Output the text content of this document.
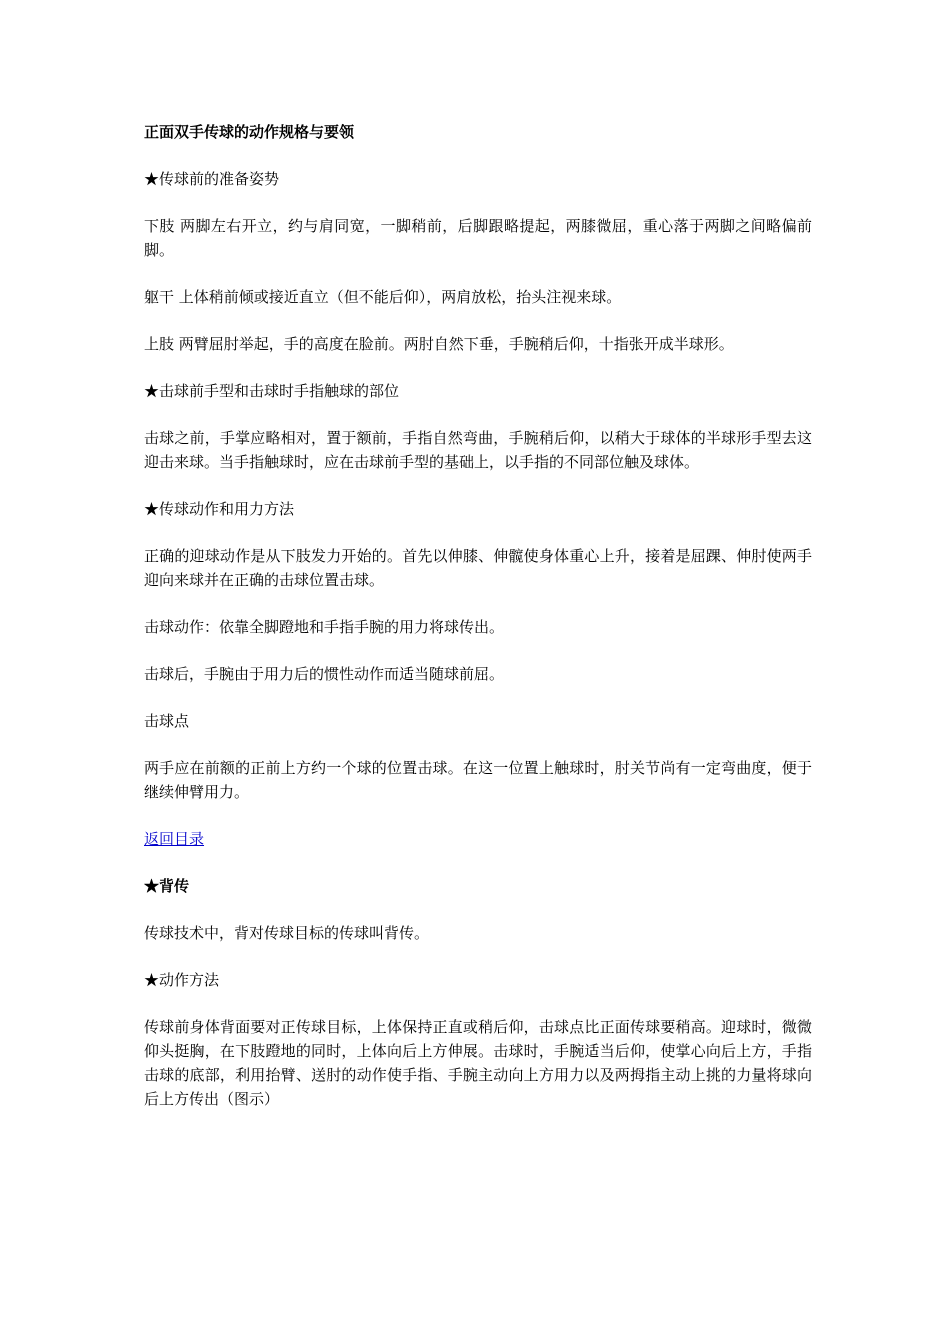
正面双手传球的动作规格与要领

★传球前的准备姿势

下肢 两脚左右开立，约与肩同宽，一脚稍前，后脚跟略提起，两膝微屈，重心落于两脚之间略偏前脚。

躯干 上体稍前倾或接近直立（但不能后仰），两肩放松，抬头注视来球。

上肢 两臂屈肘举起，手的高度在脸前。两肘自然下垂，手腕稍后仰，十指张开成半球形。

★击球前手型和击球时手指触球的部位

击球之前，手掌应略相对，置于额前，手指自然弯曲，手腕稍后仰，以稍大于球体的半球形手型去这迎击来球。当手指触球时，应在击球前手型的基础上，以手指的不同部位触及球体。

★传球动作和用力方法

正确的迎球动作是从下肢发力开始的。首先以伸膝、伸髋使身体重心上升，接着是屈踝、伸肘使两手迎向来球并在正确的击球位置击球。

击球动作：依靠全脚蹬地和手指手腕的用力将球传出。

击球后，手腕由于用力后的惯性动作而适当随球前屈。

击球点

两手应在前额的正前上方约一个球的位置击球。在这一位置上触球时，肘关节尚有一定弯曲度，便于继续伸臂用力。

返回目录

★背传

传球技术中，背对传球目标的传球叫背传。

★动作方法

传球前身体背面要对正传球目标，上体保持正直或稍后仰，击球点比正面传球要稍高。迎球时，微微仰头挺胸，在下肢蹬地的同时，上体向后上方伸展。击球时，手腕适当后仰，使掌心向后上方，手指击球的底部，利用抬臂、送肘的动作使手指、手腕主动向上方用力以及两拇指主动上挑的力量将球向后上方传出（图示）
